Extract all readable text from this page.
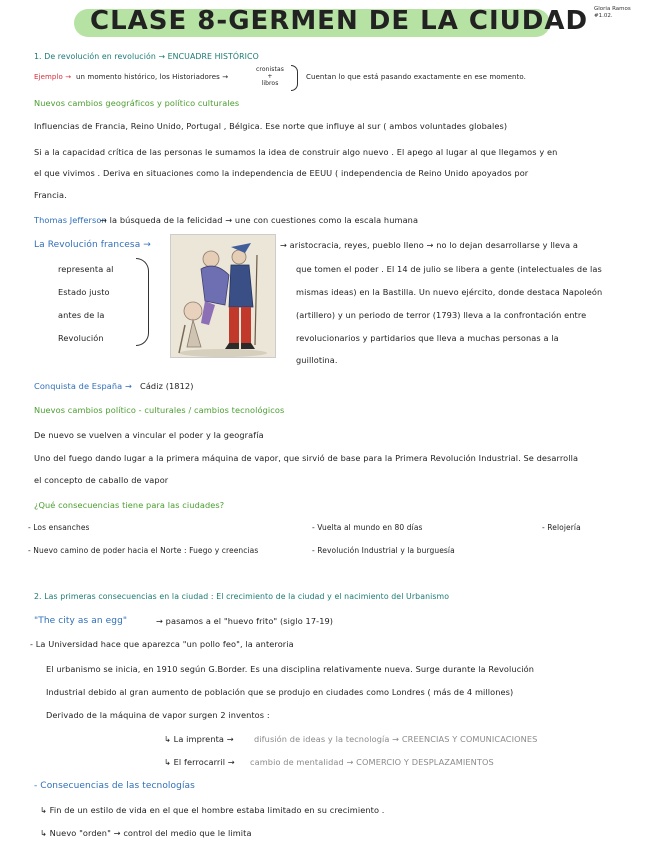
CLASE 8-GERMEN DE LA CIUDAD Gloria Ramos
#1.02.
1. De revolución en revolución → ENCUADRE HISTÓRICO
Ejemplo → un momento histórico, los Historiadores →
cronistas
+
libros
Cuentan lo que está pasando exactamente en ese momento.
Nuevos cambios geográficos y político culturales
Influencias de Francia, Reino Unido, Portugal , Bélgica. Ese norte que influye al sur ( ambos voluntades globales)
Si a la capacidad crítica de las personas le sumamos la idea de construir algo nuevo . El apego al lugar al que llegamos y en
el que vivimos . Deriva en situaciones como la independencia de EEUU ( independencia de Reino Unido apoyados por
Francia.
Thomas Jefferson
→ la búsqueda de la felicidad → une con cuestiones como la escala humana
La Revolución francesa →
representa al
Estado justo
antes de la
Revolución
→ aristocracia, reyes, pueblo lleno → no lo dejan desarrollarse y lleva a
que tomen el poder . El 14 de julio se libera a gente (intelectuales de las
mismas ideas) en la Bastilla. Un nuevo ejército, donde destaca Napoleón
(artillero) y un periodo de terror (1793) lleva a la confrontación entre
revolucionarios y partidarios que lleva a muchas personas a la
guillotina.
Conquista de España → Cádiz (1812)
Nuevos cambios político - culturales / cambios tecnológicos
De nuevo se vuelven a vincular el poder y la geografía
Uno del fuego dando lugar a la primera máquina de vapor, que sirvió de base para la Primera Revolución Industrial. Se desarrolla
el concepto de caballo de vapor
¿Qué consecuencias tiene para las ciudades?
- Los ensanches	- Vuelta al mundo en 80 días	- Relojería
- Nuevo camino de poder hacia el Norte : Fuego y creencias	- Revolución Industrial y la burguesía
2. Las primeras consecuencias en la ciudad : El crecimiento de la ciudad y el nacimiento del Urbanismo
"The city as an egg"	→ pasamos a el "huevo frito" (siglo 17-19)
- La Universidad hace que aparezca "un pollo feo", la anteroria
El urbanismo se inicia, en 1910 según G.Border. Es una disciplina relativamente nueva. Surge durante la Revolución
Industrial debido al gran aumento de población que se produjo en ciudades como Londres ( más de 4 millones)
Derivado de la máquina de vapor surgen 2 inventos :
↳ La imprenta → difusión de ideas y la tecnología → CREENCIAS Y COMUNICACIONES
↳ El ferrocarril → cambio de mentalidad → COMERCIO Y DESPLAZAMIENTOS
- Consecuencias de las tecnologías
↳ Fin de un estilo de vida en el que el hombre estaba limitado en su crecimiento .
↳ Nuevo "orden" → control del medio que le limita
